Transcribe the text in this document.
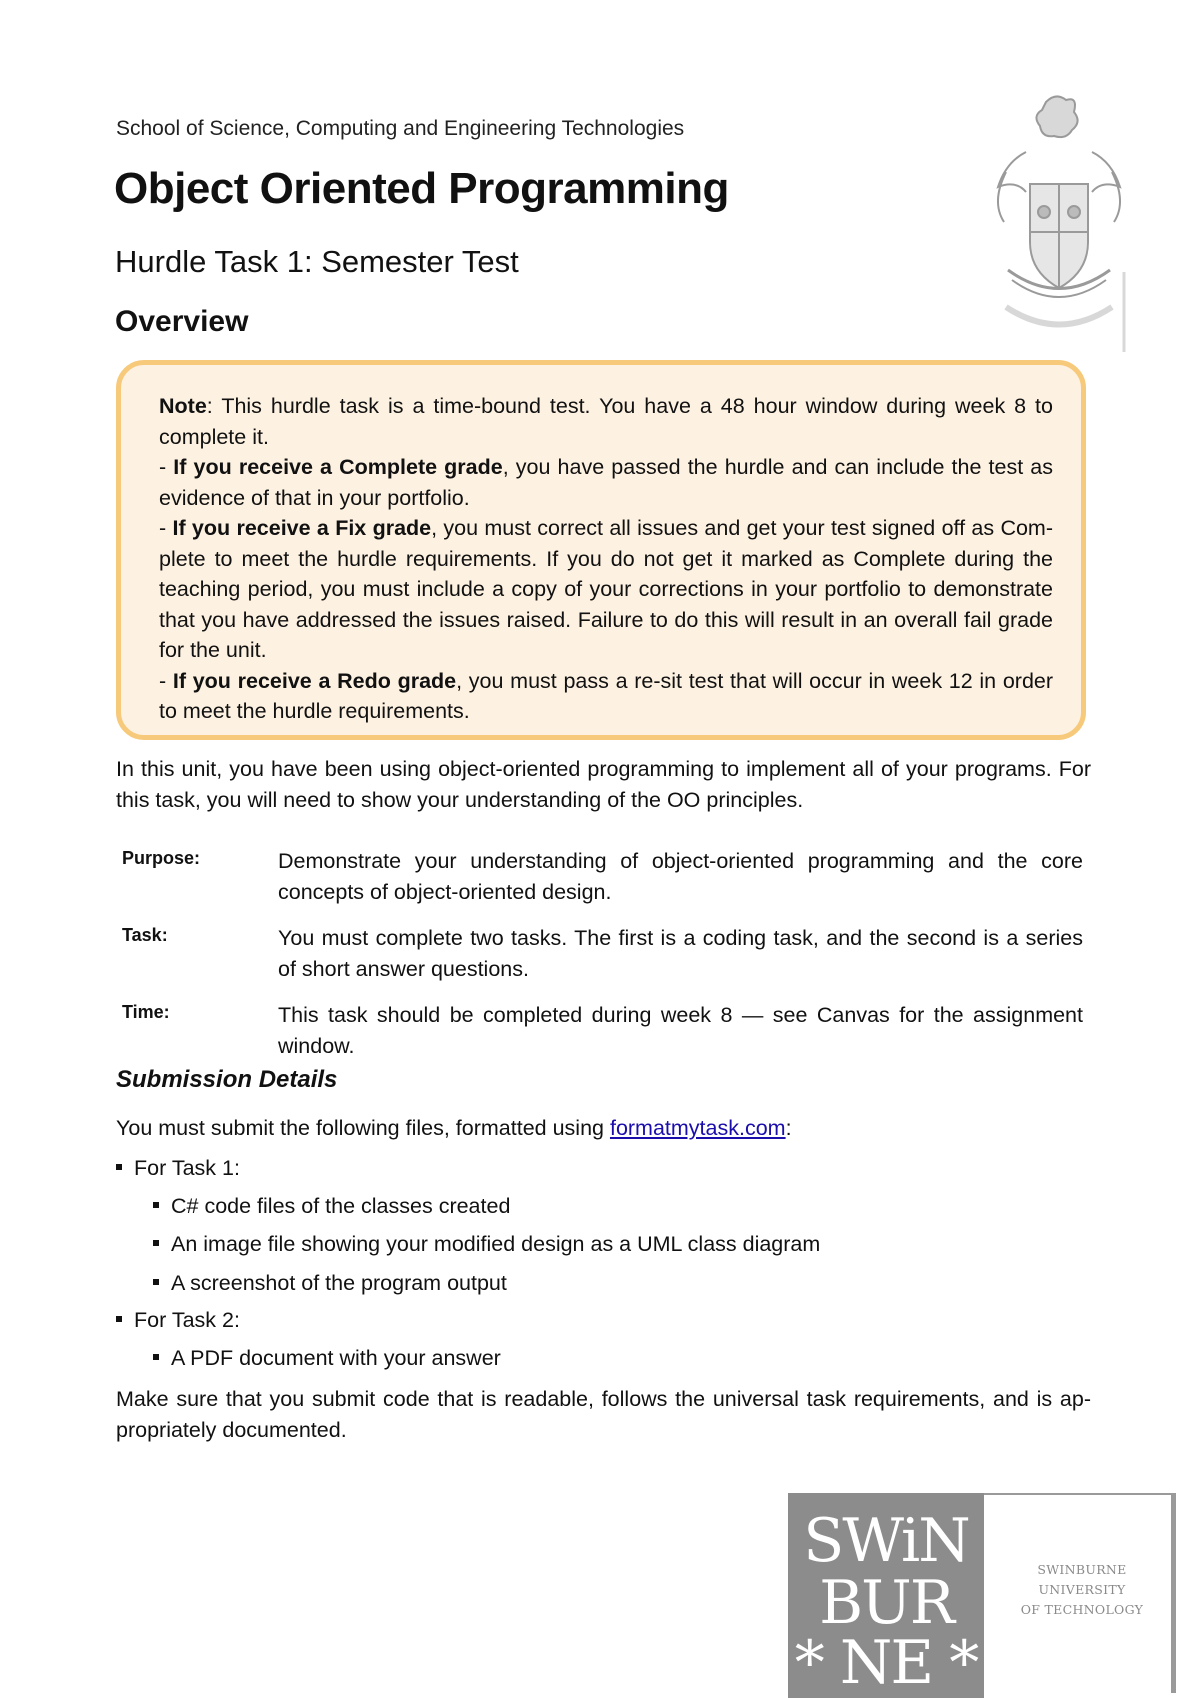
School of Science, Computing and Engineering Technologies
Object Oriented Programming
Hurdle Task 1: Semester Test
Overview

Note: This hurdle task is a time-bound test. You have a 48 hour window during week 8 to complete it.

- If you receive a Complete grade, you have passed the hurdle and can include the test as evidence of that in your portfolio.

- If you receive a Fix grade, you must correct all issues and get your test signed off as Com-plete to meet the hurdle requirements. If you do not get it marked as Complete during the teaching period, you must include a copy of your corrections in your portfolio to demonstrate that you have addressed the issues raised. Failure to do this will result in an overall fail grade for the unit.

- If you receive a Redo grade, you must pass a re-sit test that will occur in week 12 in order to meet the hurdle requirements.

In this unit, you have been using object-oriented programming to implement all of your programs. For this task, you will need to show your understanding of the OO principles.
Purpose:	Demonstrate your understanding of object-oriented programming and the core concepts of object-oriented design.
Task:	You must complete two tasks. The first is a coding task, and the second is a series of short answer questions.
Time:	This task should be completed during week 8 — see Canvas for the assignment window.
Submission Details
You must submit the following files, formatted using formatmytask.com:
For Task 1:
C# code files of the classes created
An image file showing your modified design as a UML class diagram
A screenshot of the program output
For Task 2:
A PDF document with your answer
Make sure that you submit code that is readable, follows the universal task requirements, and is ap-propriately documented.
SWiN
BUR
* NE *
SWINBURNE UNIVERSITY
OF TECHNOLOGY
